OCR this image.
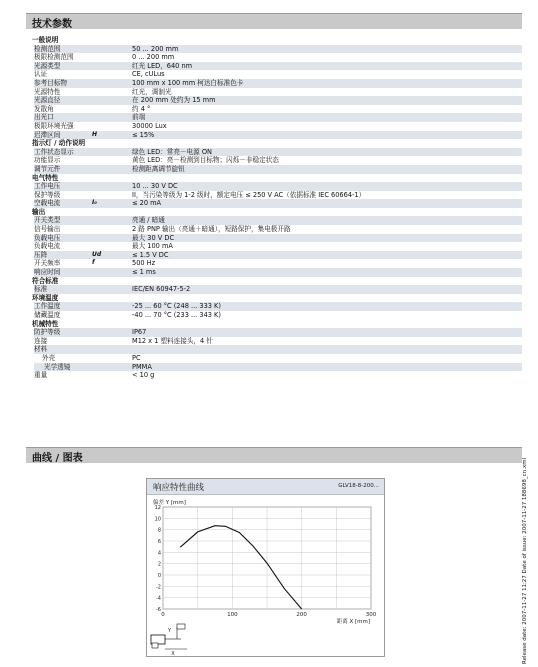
技术参数
一般说明
检测范围	50 ... 200 mm
极限检测范围	0 ... 200 mm
光源类型	红光 LED，640 nm
认证	CE, cULus
参考目标物	100 mm x 100 mm 柯达白标准色卡
光源特性	红光，调制光
光源直径	在 200 mm 处约为 15 mm
发散角	约 4 °
出光口	前端
极限环境光强	30000 Lux
迟滞区间	H	≤ 15%
指示灯 / 动作说明
工作状态显示	绿色 LED：常亮－电源 ON
功能显示	黄色 LED：亮－检测到目标物；闪烁－非稳定状态
调节元件	检测距离调节旋钮
电气特性
工作电压	10 ... 30 V DC
保护等级	II，当污染等级为 1-2 级时，额定电压 ≤ 250 V AC（依据标准 IEC 60664-1）
空载电流	I₀	≤ 20 mA
输出
开关类型	亮通 / 暗通
信号输出	2 路 PNP 输出（亮通＋暗通），短路保护，集电极开路
负载电压	最大 30 V DC
负载电流	最大 100 mA
压降	Ud	≤ 1.5 V DC
开关频率	f	500 Hz
响应时间	≤ 1 ms
符合标准
标准	IEC/EN 60947-5-2
环境温度
工作温度	-25 ... 60 °C (248 ... 333 K)
储藏温度	-40 ... 70 °C (233 ... 343 K)
机械特性
防护等级	IP67
连接	M12 x 1 塑料连接头，4 针
材料
外壳	PC
光学透镜	PMMA
重量	< 10 g
曲线 / 图表
响应特性曲线	GLV18-8-200...
12
10
8
6
4
2
0
-2
-4
-6
0	100	200	300
偏差 Y [mm]
距离 X [mm]
X
Y	Release date: 2007-11-27 11:27 Date of issue: 2007-11-27 188698_cn.xml
